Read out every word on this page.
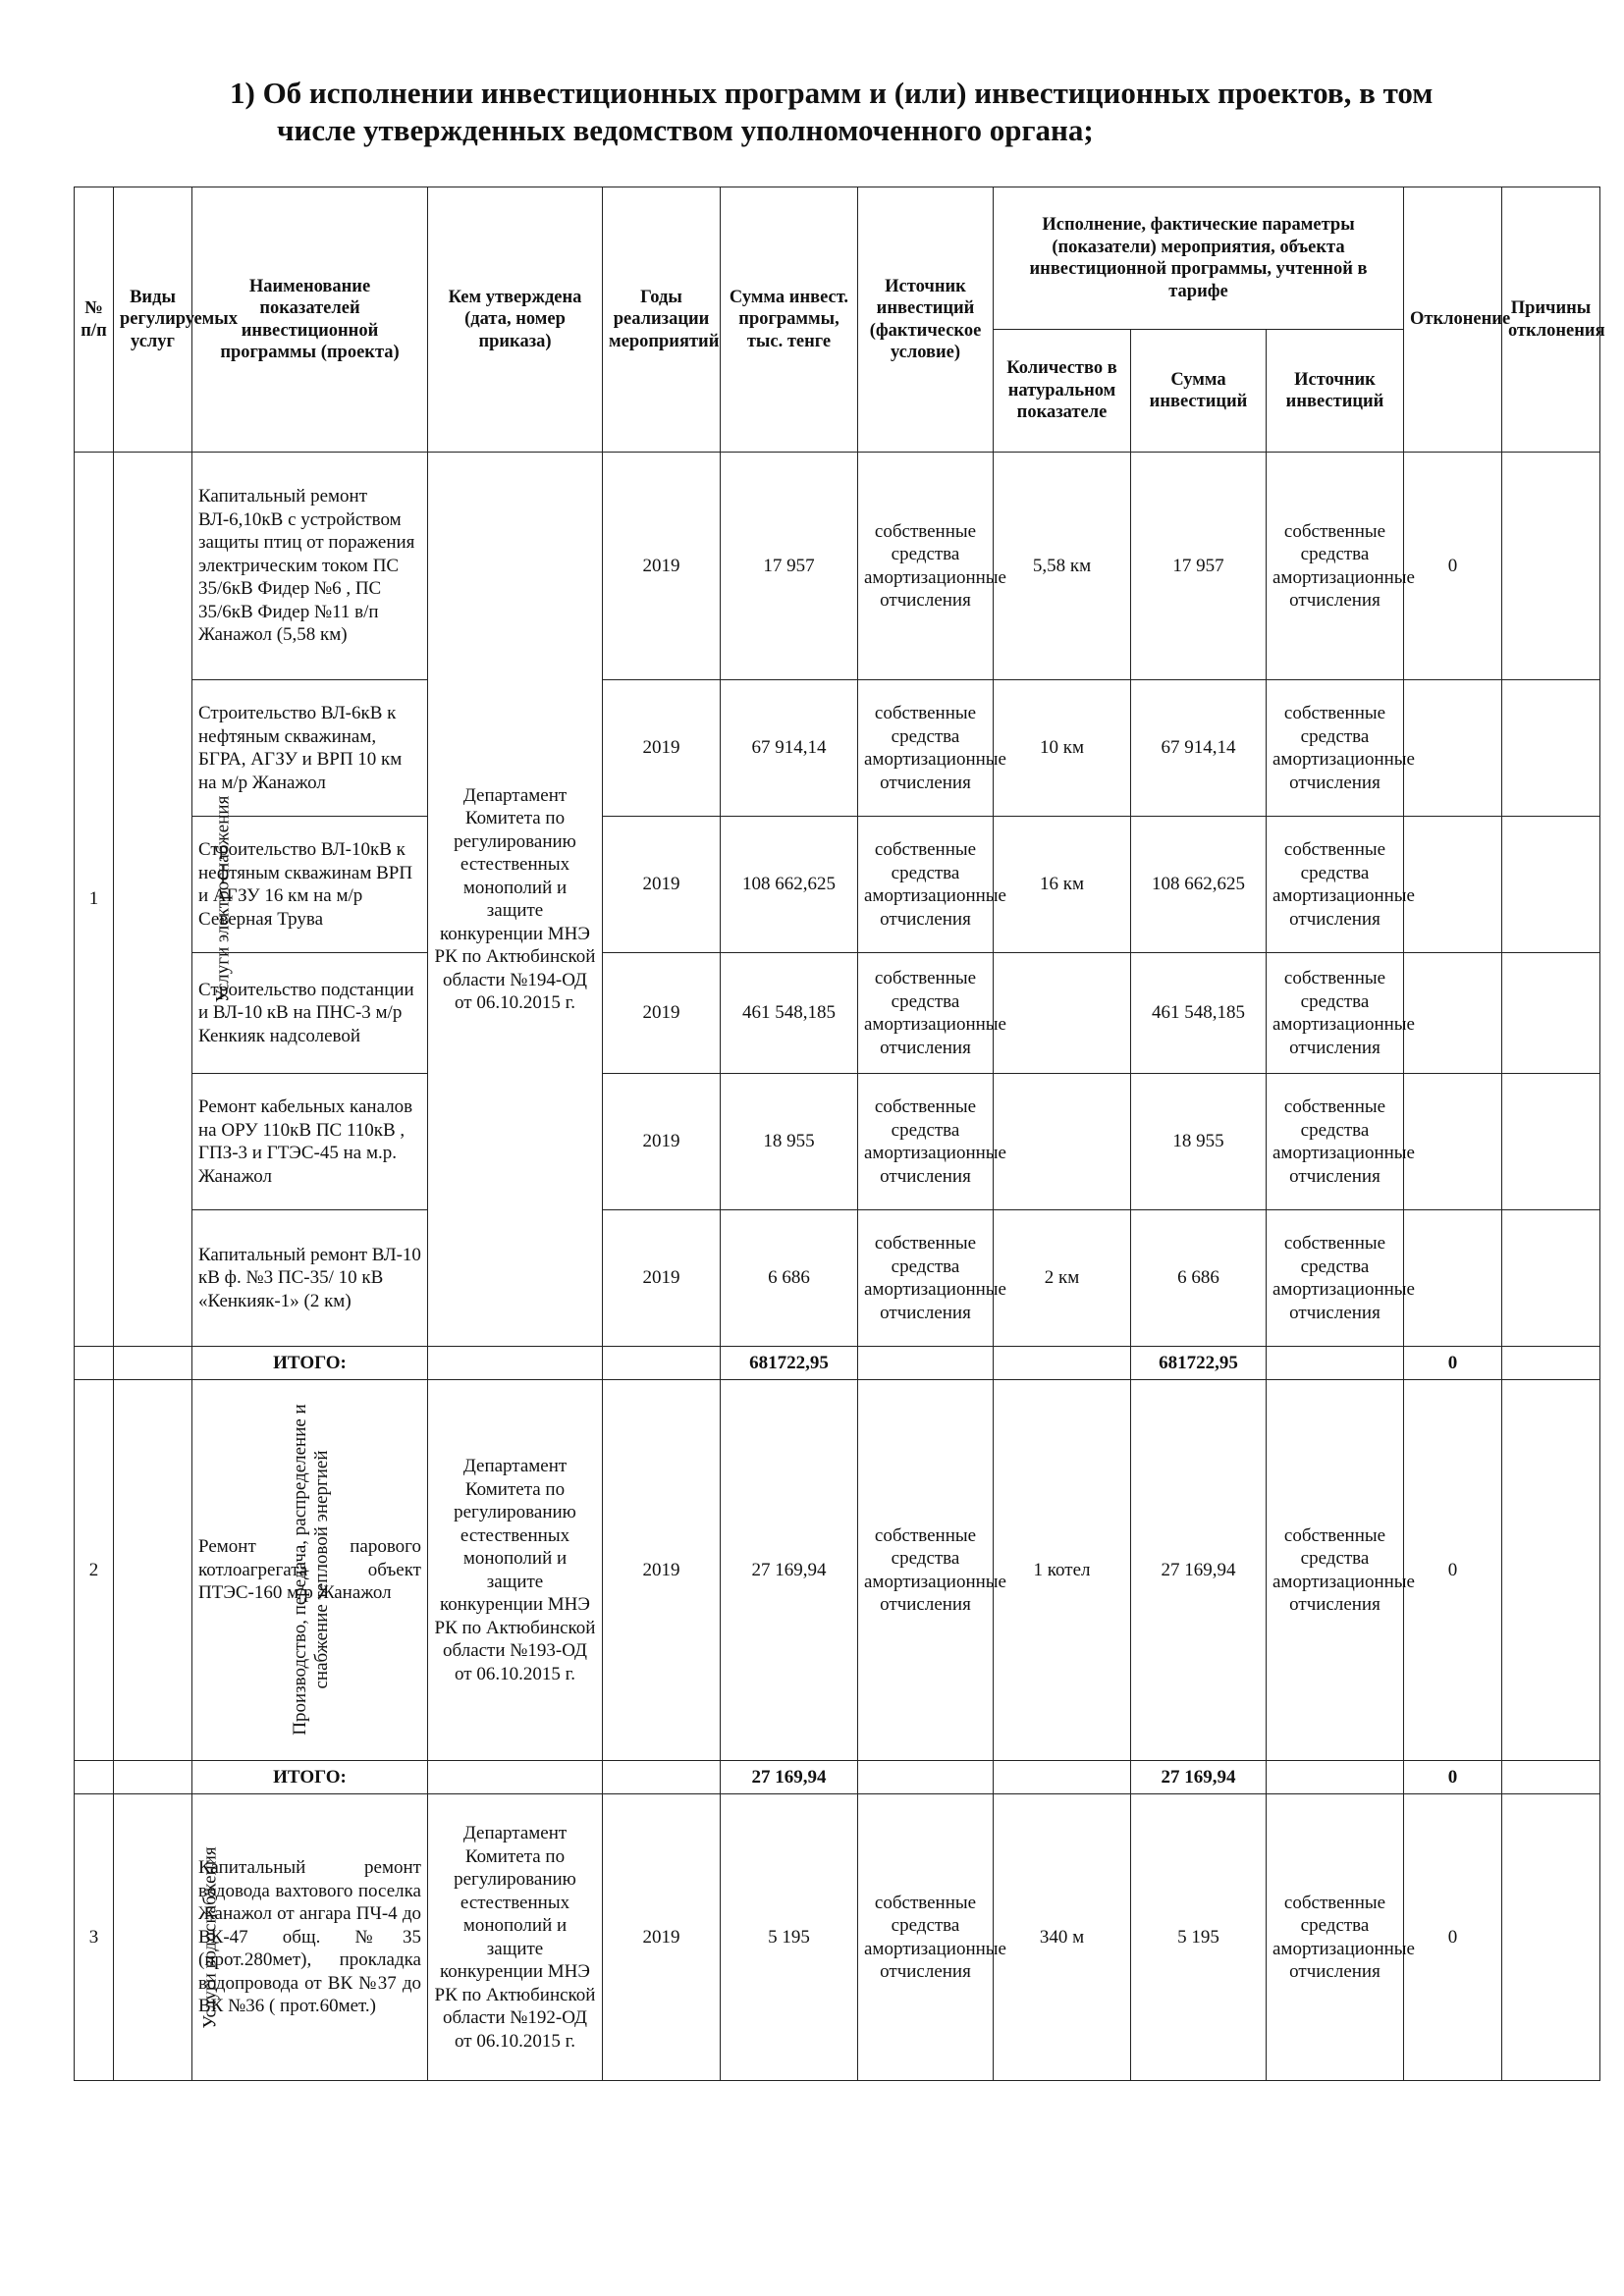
1) Об исполнении инвестиционных программ и (или) инвестиционных проектов, в том
числе утвержденных ведомством уполномоченного органа;
№ п/п	Виды регулируемых услуг	Наименование показателей инвестиционной программы (проекта)	Кем утверждена (дата, номер приказа)	Годы реализации мероприятий	Сумма инвест. программы, тыс. тенге	Источник инвестиций (фактическое условие)	Исполнение, фактические параметры (показатели) мероприятия, объекта инвестиционной программы, учтенной в тарифе			Отклонение	Причины отклонения
							Количество в натуральном показателе	Сумма инвестиций	Источник инвестиций		
1	Услуги электроснабжения	Капитальный ремонт ВЛ-6,10кВ с устройством защиты птиц от поражения электрическим током ПС 35/6кВ Фидер №6 , ПС 35/6кВ Фидер №11 в/п Жанажол (5,58 км)	Департамент Комитета по регулированию естественных монополий и защите конкуренции МНЭ РК по Актюбинской области №194-ОД от 06.10.2015 г.	2019	17 957	собственные средства амортизационные отчисления	5,58 км	17 957	собственные средства амортизационные отчисления	0	
		Строительство ВЛ-6кВ к нефтяным скважинам, БГРА, АГЗУ и ВРП 10 км на м/р Жанажол		2019	67 914,14	собственные средства амортизационные отчисления	10 км	67 914,14	собственные средства амортизационные отчисления		
		Строительство ВЛ-10кВ к нефтяным скважинам ВРП и АГЗУ 16 км на м/р Северная Трува		2019	108 662,625	собственные средства амортизационные отчисления	16 км	108 662,625	собственные средства амортизационные отчисления		
		Строительство подстанции и ВЛ-10 кВ на ПНС-3 м/р Кенкияк надсолевой		2019	461 548,185	собственные средства амортизационные отчисления		461 548,185	собственные средства амортизационные отчисления		
		Ремонт кабельных каналов на ОРУ 110кВ ПС 110кВ , ГПЗ-3 и ГТЭС-45 на м.р. Жанажол		2019	18 955	собственные средства амортизационные отчисления		18 955	собственные средства амортизационные отчисления		
		Капитальный ремонт ВЛ-10 кВ ф. №3 ПС-35/ 10 кВ «Кенкияк-1» (2 км)		2019	6 686	собственные средства амортизационные отчисления	2 км	6 686	собственные средства амортизационные отчисления		
		ИТОГО:			681722,95			681722,95		0	
2	Производство, передача, распределение и снабжение тепловой энергией	Ремонт парового котлоагрегата объект ПТЭС-160 м/р Жанажол	Департамент Комитета по регулированию естественных монополий и защите конкуренции МНЭ РК по Актюбинской области №193-ОД от 06.10.2015 г.	2019	27 169,94	собственные средства амортизационные отчисления	1 котел	27 169,94	собственные средства амортизационные отчисления	0	
		ИТОГО:			27 169,94			27 169,94		0	
3	Услуги водоснабжения	Капитальный ремонт водовода вахтового поселка Жанажол от ангара ПЧ-4 до ВК-47 общ. №35 (прот.280мет), прокладка водопровода от ВК №37 до ВК №36 ( прот.60мет.)	Департамент Комитета по регулированию естественных монополий и защите конкуренции МНЭ РК по Актюбинской области №192-ОД от 06.10.2015 г.	2019	5 195	собственные средства амортизационные отчисления	340 м	5 195	собственные средства амортизационные отчисления	0	
